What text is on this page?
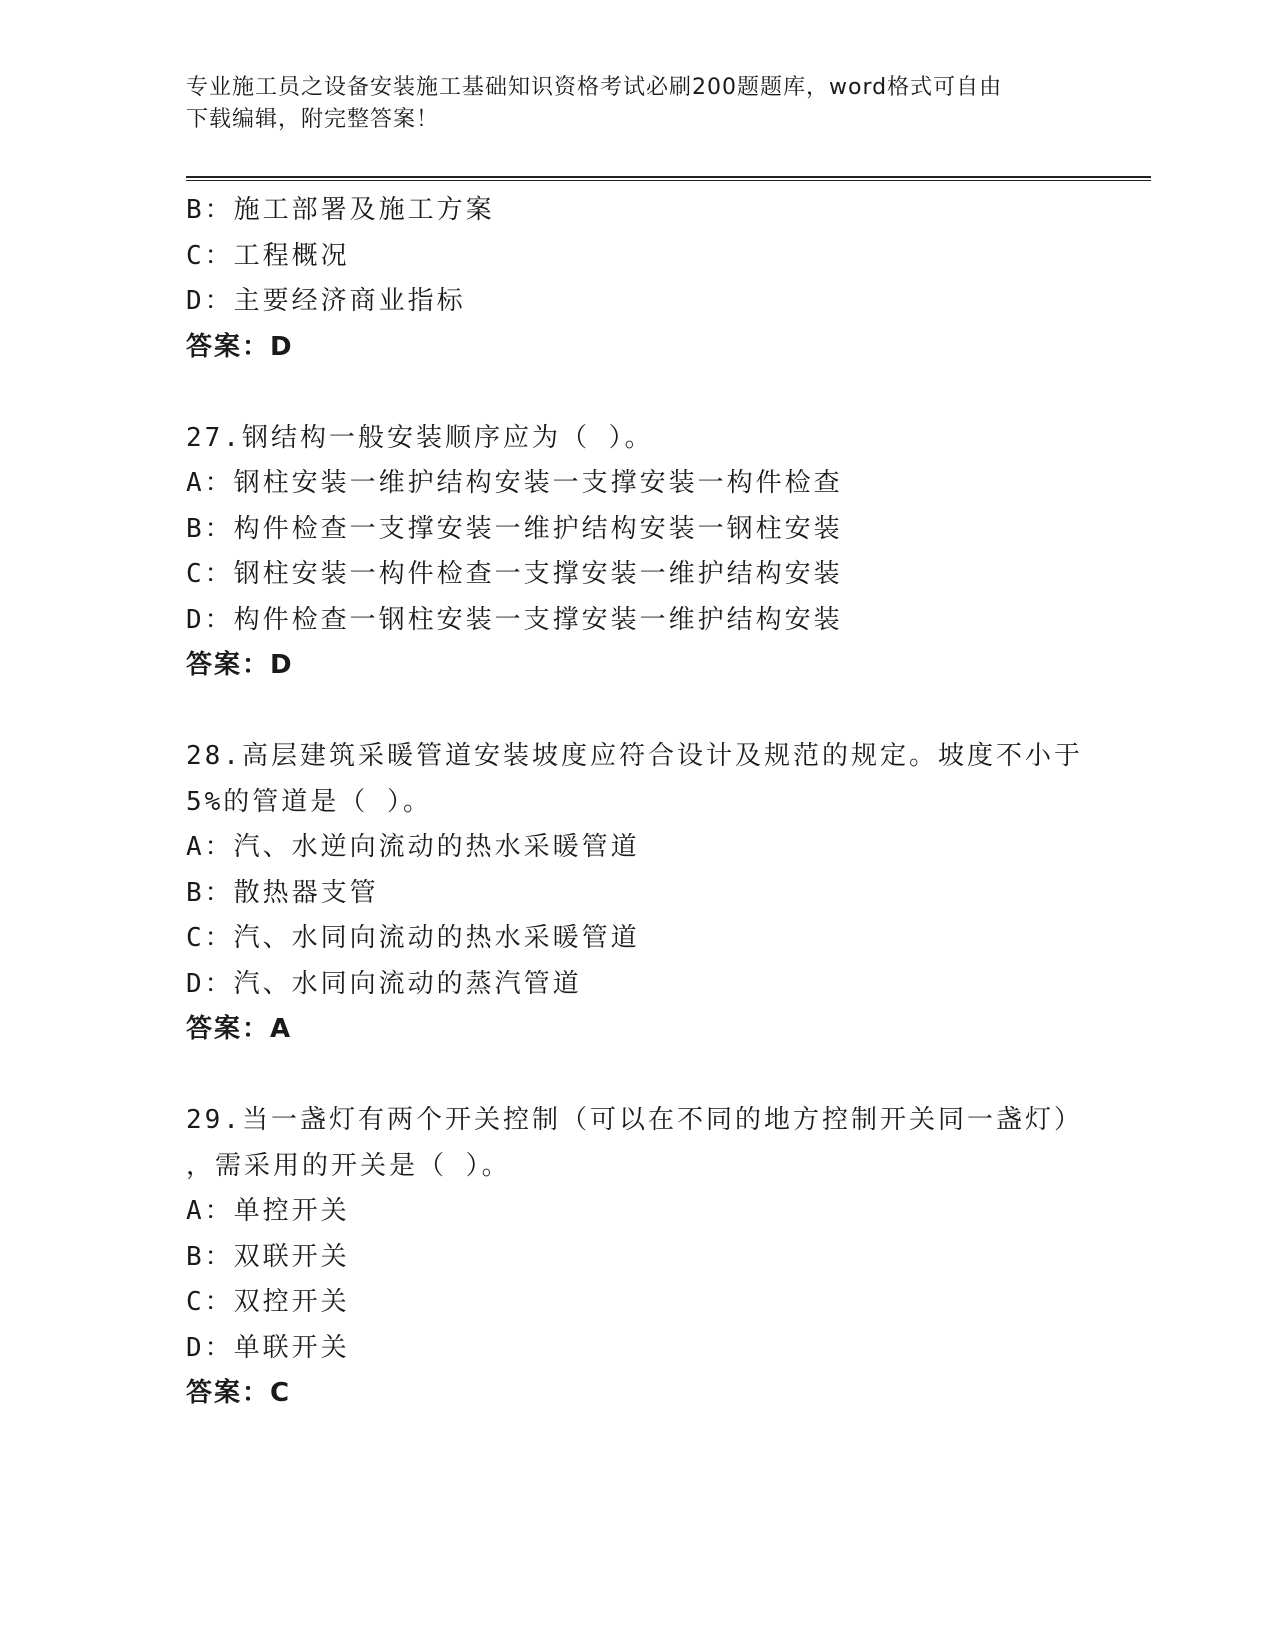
专业施工员之设备安装施工基础知识资格考试必刷200题题库，word格式可自由
下载编辑，附完整答案！
B：施工部署及施工方案
C：工程概况
D：主要经济商业指标
答案：D
27.钢结构一般安装顺序应为（ ）。
A：钢柱安装一维护结构安装一支撑安装一构件检查
B：构件检查一支撑安装一维护结构安装一钢柱安装
C：钢柱安装一构件检查一支撑安装一维护结构安装
D：构件检查一钢柱安装一支撑安装一维护结构安装
答案：D
28.高层建筑采暖管道安装坡度应符合设计及规范的规定。坡度不小于
5%的管道是（ ）。
A：汽、水逆向流动的热水采暖管道
B：散热器支管
C：汽、水同向流动的热水采暖管道
D：汽、水同向流动的蒸汽管道
答案：A
29.当一盏灯有两个开关控制（可以在不同的地方控制开关同一盏灯）
，需采用的开关是（ ）。
A：单控开关
B：双联开关
C：双控开关
D：单联开关
答案：C
